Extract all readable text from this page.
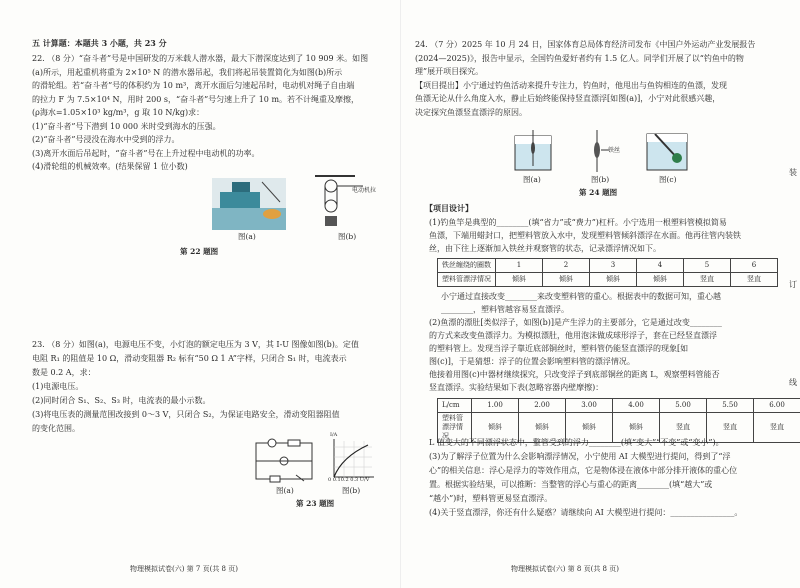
五 计算题：本题共 3 小题，共 23 分
22. （8 分）“奋斗者”号是中国研发的万米载人潜水器，最大下潜深度达到了 10 909 米。如图
(a)所示，用起重机将重为 2×10⁵ N 的潜水器吊起，我们将起吊装置简化为如图(b)所示
的滑轮组。若“奋斗者”号的体积约为 10 m³，离开水面后匀速起吊时，电动机对绳子自由端
的拉力 F 为 7.5×10⁴ N，用时 200 s，“奋斗者”号匀速上升了 10 m。若不计绳重及摩擦，
(ρ海水=1.05×10³ kg/m³，g 取 10 N/kg)求：
(1)“奋斗者”号下潜到 10 000 米时受到海水的压强。
(2)“奋斗者”号浸没在海水中受到的浮力。
(3)离开水面后吊起时，“奋斗者”号在上升过程中电动机的功率。
(4)滑轮组的机械效率。(结果保留 1 位小数)
图(a)
电动机拉
图(b)
第 22 题图
23. （8 分）如图(a)，电源电压不变，小灯泡的额定电压为 3 V，其 I-U 图像如图(b)。定值
电阻 R₁ 的阻值是 10 Ω，滑动变阻器 R₂ 标有“50 Ω 1 A”字样，只闭合 S₁ 时，电流表示
数是 0.2 A，求：
(1)电源电压。
(2)同时闭合 S₁、S₂、S₃ 时，电流表的最小示数。
(3)将电压表的测量范围改接到 0～3 V，只闭合 S₂，为保证电路安全，滑动变阻器阻值
的变化范围。
图(a)
I/A
0 0.10.2 0.3 U/V
图(b)
第 23 题图
物理模拟试卷(六) 第 7 页(共 8 页)
24. （7 分）2025 年 10 月 24 日，国家体育总局体育经济司发布《中国户外运动产业发展报告
(2024—2025)》，报告中显示，全国钓鱼爱好者约有 1.5 亿人。同学们开展了以“钓鱼中的物
理”展开项目探究。
【项目提出】小宁通过钓鱼活动来提升专注力，钓鱼时，他甩出与鱼钩相连的鱼漂，发现
鱼漂无论从什么角度入水，静止后始终能保持竖直漂浮[如图(a)]，小宁对此很感兴趣，
决定探究鱼漂竖直漂浮的原因。
图(a)
铁丝
图(b)	图(c)
第 24 题图
【项目设计】
(1)钓鱼竿是典型的________(填“省力”或“费力”)杠杆。小宁选用一根塑料管模拟简易
鱼漂，下端用蜡封口，把塑料管放入水中，发现塑料管倾斜漂浮在水面。他再往管内装铁
丝，由下往上逐渐加入铁丝并观察管的状态，记录漂浮情况如下。
铁丝缠绕的圈数	1	2	3	4	5	6
塑料管漂浮情况	倾斜	倾斜	倾斜	倾斜	竖直	竖直
小宁通过直接改变________来改变塑料管的重心。根据表中的数据可知，重心越
________，塑料管越容易竖直漂浮。
(2)鱼漂的漂肚[类似浮子，如图(b)]是产生浮力的主要部分，它是通过改变________
的方式来改变鱼漂浮力。为模拟漂肚，他用泡沫做成球形浮子，套在已经竖直漂浮
的塑料管上。发现当浮子靠近底部铜丝时，塑料管仍能竖直漂浮的现象[如
图(c)]，于是猜想：浮子的位置会影响塑料管的漂浮情况。
他接着用图(c)中器材继续探究，只改变浮子到底部铜丝的距离 L，观察塑料管能否
竖直漂浮。实验结果如下表(忽略容器内壁摩擦)：
L/cm	1.00	2.00	3.00	4.00	5.00	5.50	6.00
塑料管漂浮情况	倾斜	倾斜	倾斜	倾斜	竖直	竖直	竖直
L 值变大的不同漂浮状态中，整管受到的浮力________(填“变大”“不变”或“变小”)。
(3)为了解浮子位置为什么会影响漂浮情况，小宁使用 AI 大模型进行提问，得到了“浮
心”的相关信息：浮心是浮力的等效作用点，它是物体浸在液体中部分排开液体的重心位
置。根据实验结果，可以推断：当整管的浮心与重心的距离________(填“越大”或
“越小”)时，塑料管更易竖直漂浮。
(4)关于竖直漂浮，你还有什么疑惑？请继续向 AI 大模型进行提问：________________。
装
订
线
物理模拟试卷(六) 第 8 页(共 8 页)
